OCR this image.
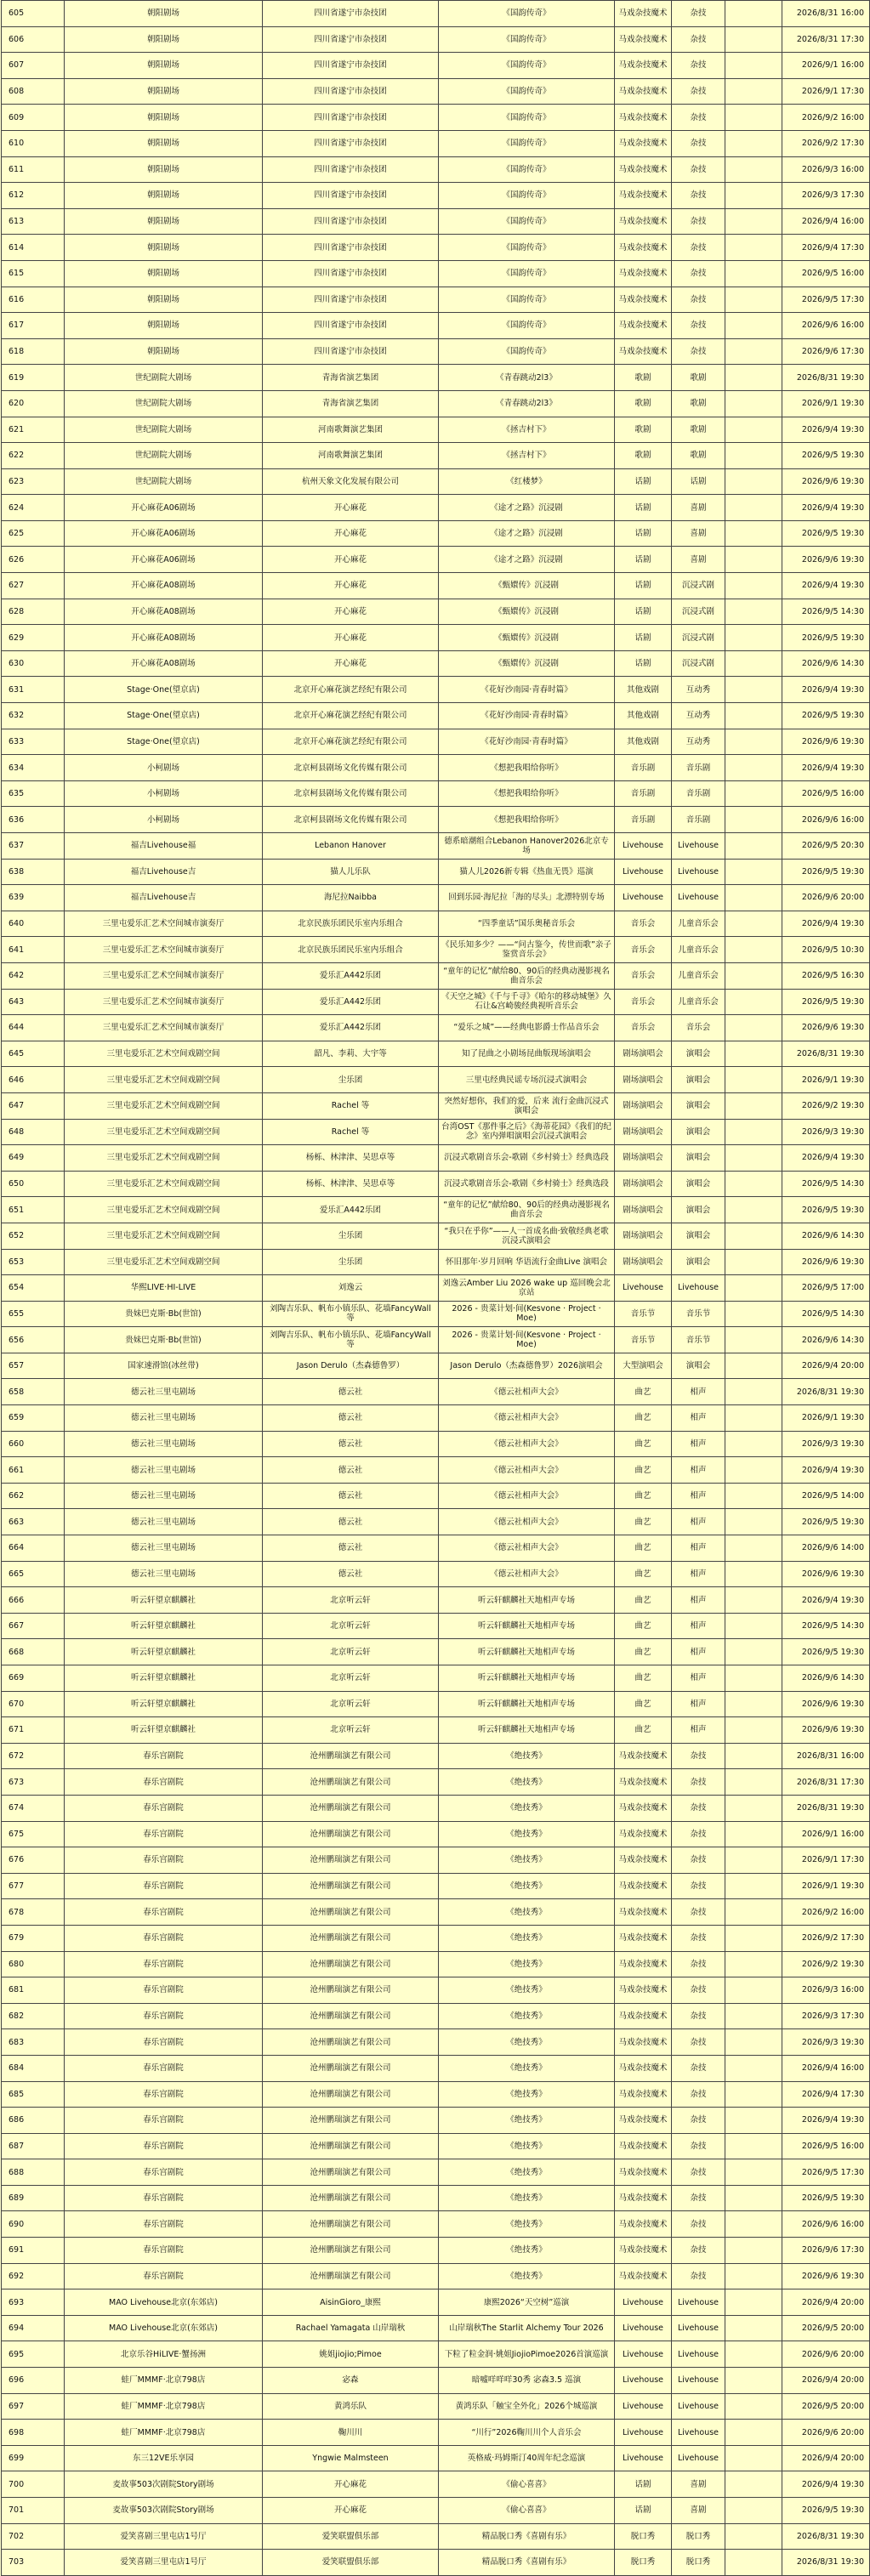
605	朝阳剧场	四川省遂宁市杂技团	《国韵传奇》	马戏杂技魔术	杂技		2026/8/31 16:00
606	朝阳剧场	四川省遂宁市杂技团	《国韵传奇》	马戏杂技魔术	杂技		2026/8/31 17:30
607	朝阳剧场	四川省遂宁市杂技团	《国韵传奇》	马戏杂技魔术	杂技		2026/9/1 16:00
608	朝阳剧场	四川省遂宁市杂技团	《国韵传奇》	马戏杂技魔术	杂技		2026/9/1 17:30
609	朝阳剧场	四川省遂宁市杂技团	《国韵传奇》	马戏杂技魔术	杂技		2026/9/2 16:00
610	朝阳剧场	四川省遂宁市杂技团	《国韵传奇》	马戏杂技魔术	杂技		2026/9/2 17:30
611	朝阳剧场	四川省遂宁市杂技团	《国韵传奇》	马戏杂技魔术	杂技		2026/9/3 16:00
612	朝阳剧场	四川省遂宁市杂技团	《国韵传奇》	马戏杂技魔术	杂技		2026/9/3 17:30
613	朝阳剧场	四川省遂宁市杂技团	《国韵传奇》	马戏杂技魔术	杂技		2026/9/4 16:00
614	朝阳剧场	四川省遂宁市杂技团	《国韵传奇》	马戏杂技魔术	杂技		2026/9/4 17:30
615	朝阳剧场	四川省遂宁市杂技团	《国韵传奇》	马戏杂技魔术	杂技		2026/9/5 16:00
616	朝阳剧场	四川省遂宁市杂技团	《国韵传奇》	马戏杂技魔术	杂技		2026/9/5 17:30
617	朝阳剧场	四川省遂宁市杂技团	《国韵传奇》	马戏杂技魔术	杂技		2026/9/6 16:00
618	朝阳剧场	四川省遂宁市杂技团	《国韵传奇》	马戏杂技魔术	杂技		2026/9/6 17:30
619	世纪剧院大剧场	青海省演艺集团	《青春跳动2l3》	歌剧	歌剧		2026/8/31 19:30
620	世纪剧院大剧场	青海省演艺集团	《青春跳动2l3》	歌剧	歌剧		2026/9/1 19:30
621	世纪剧院大剧场	河南歌舞演艺集团	《拯吉村下》	歌剧	歌剧		2026/9/4 19:30
622	世纪剧院大剧场	河南歌舞演艺集团	《拯吉村下》	歌剧	歌剧		2026/9/5 19:30
623	世纪剧院大剧场	杭州天象文化发展有限公司	《红楼梦》	话剧	话剧		2026/9/6 19:30
624	开心麻花A06剧场	开心麻花	《途才之路》沉浸剧	话剧	喜剧		2026/9/4 19:30
625	开心麻花A06剧场	开心麻花	《途才之路》沉浸剧	话剧	喜剧		2026/9/5 19:30
626	开心麻花A06剧场	开心麻花	《途才之路》沉浸剧	话剧	喜剧		2026/9/6 19:30
627	开心麻花A08剧场	开心麻花	《甄嬛传》沉浸剧	话剧	沉浸式剧		2026/9/4 19:30
628	开心麻花A08剧场	开心麻花	《甄嬛传》沉浸剧	话剧	沉浸式剧		2026/9/5 14:30
629	开心麻花A08剧场	开心麻花	《甄嬛传》沉浸剧	话剧	沉浸式剧		2026/9/5 19:30
630	开心麻花A08剧场	开心麻花	《甄嬛传》沉浸剧	话剧	沉浸式剧		2026/9/6 14:30
631	Stage·One(望京店)	北京开心麻花演艺经纪有限公司	《花好沙南园·青春时篇》	其他戏剧	互动秀		2026/9/4 19:30
632	Stage·One(望京店)	北京开心麻花演艺经纪有限公司	《花好沙南园·青春时篇》	其他戏剧	互动秀		2026/9/5 19:30
633	Stage·One(望京店)	北京开心麻花演艺经纪有限公司	《花好沙南园·青春时篇》	其他戏剧	互动秀		2026/9/6 19:30
634	小柯剧场	北京柯县剧场文化传媒有限公司	《想把我唱给你听》	音乐剧	音乐剧		2026/9/4 19:30
635	小柯剧场	北京柯县剧场文化传媒有限公司	《想把我唱给你听》	音乐剧	音乐剧		2026/9/5 16:00
636	小柯剧场	北京柯县剧场文化传媒有限公司	《想把我唱给你听》	音乐剧	音乐剧		2026/9/6 16:00
637	福吉Livehouse福	Lebanon Hanover	德系暗潮组合Lebanon Hanover2026北京专场	Livehouse	Livehouse		2026/9/5 20:30
638	福吉Livehouse吉	猫人儿乐队	猫人儿2026新专辑《热血无畏》巡演	Livehouse	Livehouse		2026/9/5 19:30
639	福吉Livehouse吉	海尼拉Naibba	回到乐园·海尼拉「海的尽头」北漂特别专场	Livehouse	Livehouse		2026/9/6 20:00
640	三里屯爱乐汇艺术空间城市演奏厅	北京民族乐团民乐室内乐组合	“四季童话”国乐奥秘音乐会	音乐会	儿童音乐会		2026/9/4 19:30
641	三里屯爱乐汇艺术空间城市演奏厅	北京民族乐团民乐室内乐组合	《民乐知多少？——“问古鉴今，传世而歌”亲子鉴赏音乐会》	音乐会	儿童音乐会		2026/9/5 10:30
642	三里屯爱乐汇艺术空间城市演奏厅	爱乐汇A442乐团	“童年的记忆”献给80、90后的经典动漫影视名曲音乐会	音乐会	儿童音乐会		2026/9/5 16:30
643	三里屯爱乐汇艺术空间城市演奏厅	爱乐汇A442乐团	《天空之城》《千与千寻》《哈尔的移动城堡》久石让&宫崎骏经典视听音乐会	音乐会	儿童音乐会		2026/9/5 19:30
644	三里屯爱乐汇艺术空间城市演奏厅	爱乐汇A442乐团	“爱乐之城”——经典电影爵士作品音乐会	音乐会	音乐会		2026/9/6 19:30
645	三里屯爱乐汇艺术空间戏剧空间	韶凡、李莉、大宇等	知了昆曲之小剧场昆曲版现场演唱会	剧场演唱会	演唱会		2026/8/31 19:30
646	三里屯爱乐汇艺术空间戏剧空间	尘乐团	三里屯经典民谣专场沉浸式演唱会	剧场演唱会	演唱会		2026/9/1 19:30
647	三里屯爱乐汇艺术空间戏剧空间	Rachel 等	突然好想你，我们的爱，后来 流行金曲沉浸式演唱会	剧场演唱会	演唱会		2026/9/2 19:30
648	三里屯爱乐汇艺术空间戏剧空间	Rachel 等	台湾OST《那件事之后》《海蒂花园》《我们的纪念》室内弹唱演唱会沉浸式演唱会	剧场演唱会	演唱会		2026/9/3 19:30
649	三里屯爱乐汇艺术空间戏剧空间	杨栎、林津津、吴思卓等	沉浸式歌剧音乐会-歌剧《乡村骑士》经典选段	剧场演唱会	演唱会		2026/9/4 19:30
650	三里屯爱乐汇艺术空间戏剧空间	杨栎、林津津、吴思卓等	沉浸式歌剧音乐会-歌剧《乡村骑士》经典选段	剧场演唱会	演唱会		2026/9/5 14:30
651	三里屯爱乐汇艺术空间戏剧空间	爱乐汇A442乐团	“童年的记忆”献给80、90后的经典动漫影视名曲音乐会	剧场演唱会	演唱会		2026/9/5 19:30
652	三里屯爱乐汇艺术空间戏剧空间	尘乐团	“我只在乎你”——人一首成名曲·致敬经典老歌沉浸式演唱会	剧场演唱会	演唱会		2026/9/6 14:30
653	三里屯爱乐汇艺术空间戏剧空间	尘乐团	怀旧那年·岁月回响 华语流行金曲Live 演唱会	剧场演唱会	演唱会		2026/9/6 19:30
654	华熙LIVE·HI-LIVE	刘逸云	刘逸云Amber Liu 2026 wake up 巡回晚会北京站	Livehouse	Livehouse		2026/9/5 17:00
655	贵妹巴克斯·Bb(世馆)	刘陶吉乐队、帆布小镇乐队、花墙FancyWall 等	2026 - 贵菜计划·间(Kesvone · Project · Moe)	音乐节	音乐节		2026/9/5 14:30
656	贵妹巴克斯·Bb(世馆)	刘陶吉乐队、帆布小镇乐队、花墙FancyWall 等	2026 - 贵菜计划·间(Kesvone · Project · Moe)	音乐节	音乐节		2026/9/6 14:30
657	国家速滑馆(冰丝带)	Jason Derulo（杰森德鲁罗）	Jason Derulo（杰森德鲁罗）2026演唱会	大型演唱会	演唱会		2026/9/4 20:00
658	德云社三里屯剧场	德云社	《德云社相声大会》	曲艺	相声		2026/8/31 19:30
659	德云社三里屯剧场	德云社	《德云社相声大会》	曲艺	相声		2026/9/1 19:30
660	德云社三里屯剧场	德云社	《德云社相声大会》	曲艺	相声		2026/9/3 19:30
661	德云社三里屯剧场	德云社	《德云社相声大会》	曲艺	相声		2026/9/4 19:30
662	德云社三里屯剧场	德云社	《德云社相声大会》	曲艺	相声		2026/9/5 14:00
663	德云社三里屯剧场	德云社	《德云社相声大会》	曲艺	相声		2026/9/5 19:30
664	德云社三里屯剧场	德云社	《德云社相声大会》	曲艺	相声		2026/9/6 14:00
665	德云社三里屯剧场	德云社	《德云社相声大会》	曲艺	相声		2026/9/6 19:30
666	听云轩望京麒麟社	北京听云轩	听云轩麒麟社天地相声专场	曲艺	相声		2026/9/4 19:30
667	听云轩望京麒麟社	北京听云轩	听云轩麒麟社天地相声专场	曲艺	相声		2026/9/5 14:30
668	听云轩望京麒麟社	北京听云轩	听云轩麒麟社天地相声专场	曲艺	相声		2026/9/5 19:30
669	听云轩望京麒麟社	北京听云轩	听云轩麒麟社天地相声专场	曲艺	相声		2026/9/6 14:30
670	听云轩望京麒麟社	北京听云轩	听云轩麒麟社天地相声专场	曲艺	相声		2026/9/6 19:30
671	听云轩望京麒麟社	北京听云轩	听云轩麒麟社天地相声专场	曲艺	相声		2026/9/6 19:30
672	春乐宫剧院	沧州鹏瑞演艺有限公司	《绝技秀》	马戏杂技魔术	杂技		2026/8/31 16:00
673	春乐宫剧院	沧州鹏瑞演艺有限公司	《绝技秀》	马戏杂技魔术	杂技		2026/8/31 17:30
674	春乐宫剧院	沧州鹏瑞演艺有限公司	《绝技秀》	马戏杂技魔术	杂技		2026/8/31 19:30
675	春乐宫剧院	沧州鹏瑞演艺有限公司	《绝技秀》	马戏杂技魔术	杂技		2026/9/1 16:00
676	春乐宫剧院	沧州鹏瑞演艺有限公司	《绝技秀》	马戏杂技魔术	杂技		2026/9/1 17:30
677	春乐宫剧院	沧州鹏瑞演艺有限公司	《绝技秀》	马戏杂技魔术	杂技		2026/9/1 19:30
678	春乐宫剧院	沧州鹏瑞演艺有限公司	《绝技秀》	马戏杂技魔术	杂技		2026/9/2 16:00
679	春乐宫剧院	沧州鹏瑞演艺有限公司	《绝技秀》	马戏杂技魔术	杂技		2026/9/2 17:30
680	春乐宫剧院	沧州鹏瑞演艺有限公司	《绝技秀》	马戏杂技魔术	杂技		2026/9/2 19:30
681	春乐宫剧院	沧州鹏瑞演艺有限公司	《绝技秀》	马戏杂技魔术	杂技		2026/9/3 16:00
682	春乐宫剧院	沧州鹏瑞演艺有限公司	《绝技秀》	马戏杂技魔术	杂技		2026/9/3 17:30
683	春乐宫剧院	沧州鹏瑞演艺有限公司	《绝技秀》	马戏杂技魔术	杂技		2026/9/3 19:30
684	春乐宫剧院	沧州鹏瑞演艺有限公司	《绝技秀》	马戏杂技魔术	杂技		2026/9/4 16:00
685	春乐宫剧院	沧州鹏瑞演艺有限公司	《绝技秀》	马戏杂技魔术	杂技		2026/9/4 17:30
686	春乐宫剧院	沧州鹏瑞演艺有限公司	《绝技秀》	马戏杂技魔术	杂技		2026/9/4 19:30
687	春乐宫剧院	沧州鹏瑞演艺有限公司	《绝技秀》	马戏杂技魔术	杂技		2026/9/5 16:00
688	春乐宫剧院	沧州鹏瑞演艺有限公司	《绝技秀》	马戏杂技魔术	杂技		2026/9/5 17:30
689	春乐宫剧院	沧州鹏瑞演艺有限公司	《绝技秀》	马戏杂技魔术	杂技		2026/9/5 19:30
690	春乐宫剧院	沧州鹏瑞演艺有限公司	《绝技秀》	马戏杂技魔术	杂技		2026/9/6 16:00
691	春乐宫剧院	沧州鹏瑞演艺有限公司	《绝技秀》	马戏杂技魔术	杂技		2026/9/6 17:30
692	春乐宫剧院	沧州鹏瑞演艺有限公司	《绝技秀》	马戏杂技魔术	杂技		2026/9/6 19:30
693	MAO Livehouse北京(东郊店)	AisinGioro_康熙	康熙2026“天空树”巡演	Livehouse	Livehouse		2026/9/4 20:00
694	MAO Livehouse北京(东郊店)	Rachael Yamagata 山岸瑞秋	山岸瑞秋The Starlit Alchemy Tour 2026	Livehouse	Livehouse		2026/9/5 20:00
695	北京乐谷HiLIVE·蟹扬洲	姚姐jiojio;Pimoe	下粒了粒金润·姚姐JiojioPimoe2026首演巡演	Livehouse	Livehouse		2026/9/6 20:00
696	蛙厂MMMF·北京798店	宓森	暗嘘咩咩咩30秀 宓森3.5 巡演	Livehouse	Livehouse		2026/9/4 20:00
697	蛙厂MMMF·北京798店	黄鸿乐队	黄鸿乐队「触宝全外化」2026个城巡演	Livehouse	Livehouse		2026/9/5 20:00
698	蛙厂MMMF·北京798店	鞠川川	“川行”2026鞠川川个人音乐会	Livehouse	Livehouse		2026/9/6 20:00
699	东三12VE乐享园	Yngwie Malmsteen	英格威·玛姆斯汀40周年纪念巡演	Livehouse	Livehouse		2026/9/4 20:00
700	麦故事503次剧院Story剧场	开心麻花	《偷心喜喜》	话剧	喜剧		2026/9/4 19:30
701	麦故事503次剧院Story剧场	开心麻花	《偷心喜喜》	话剧	喜剧		2026/9/5 19:30
702	爱笑喜剧三里屯店1号厅	爱笑联盟俱乐部	精品脱口秀《喜剧有乐》	脱口秀	脱口秀		2026/8/31 19:30
703	爱笑喜剧三里屯店1号厅	爱笑联盟俱乐部	精品脱口秀《喜剧有乐》	脱口秀	脱口秀		2026/8/31 19:30
